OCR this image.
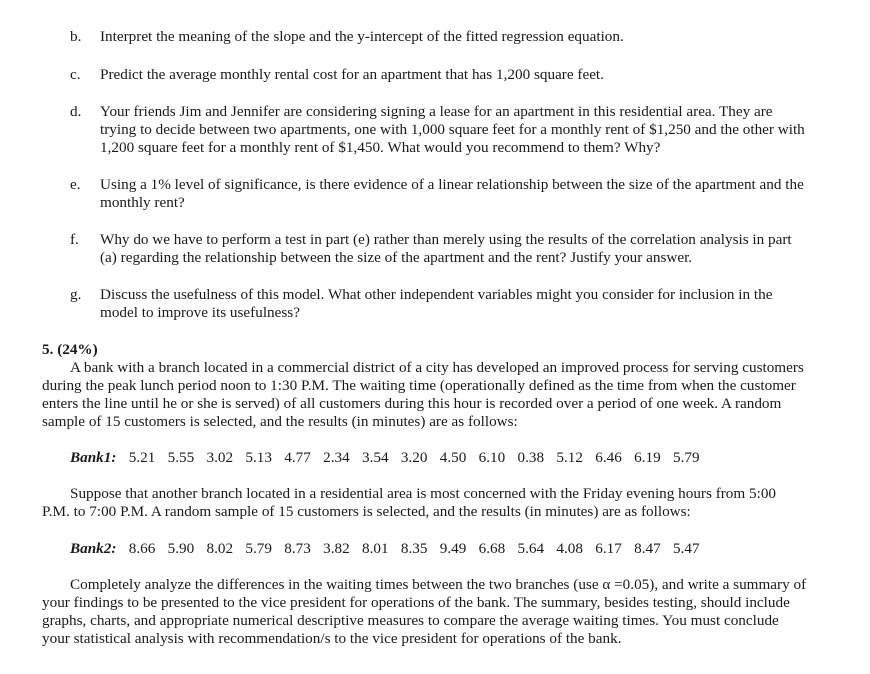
b. Interpret the meaning of the slope and the y-intercept of the fitted regression equation.
c. Predict the average monthly rental cost for an apartment that has 1,200 square feet.
d. Your friends Jim and Jennifer are considering signing a lease for an apartment in this residential area. They are
trying to decide between two apartments, one with 1,000 square feet for a monthly rent of $1,250 and the other with
1,200 square feet for a monthly rent of $1,450. What would you recommend to them? Why?
e. Using a 1% level of significance, is there evidence of a linear relationship between the size of the apartment and the
monthly rent?
f. Why do we have to perform a test in part (e) rather than merely using the results of the correlation analysis in part
(a) regarding the relationship between the size of the apartment and the rent? Justify your answer.
g. Discuss the usefulness of this model. What other independent variables might you consider for inclusion in the
model to improve its usefulness?
5. (24%)
A bank with a branch located in a commercial district of a city has developed an improved process for serving customers
during the peak lunch period noon to 1:30 P.M. The waiting time (operationally defined as the time from when the customer
enters the line until he or she is served) of all customers during this hour is recorded over a period of one week. A random
sample of 15 customers is selected, and the results (in minutes) are as follows:
Bank1: 5.21 5.55 3.02 5.13 4.77 2.34 3.54 3.20 4.50 6.10 0.38 5.12 6.46 6.19 5.79
Suppose that another branch located in a residential area is most concerned with the Friday evening hours from 5:00
P.M. to 7:00 P.M. A random sample of 15 customers is selected, and the results (in minutes) are as follows:
Bank2: 8.66 5.90 8.02 5.79 8.73 3.82 8.01 8.35 9.49 6.68 5.64 4.08 6.17 8.47 5.47
Completely analyze the differences in the waiting times between the two branches (use α =0.05), and write a summary of
your findings to be presented to the vice president for operations of the bank. The summary, besides testing, should include
graphs, charts, and appropriate numerical descriptive measures to compare the average waiting times. You must conclude
your statistical analysis with recommendation/s to the vice president for operations of the bank.
